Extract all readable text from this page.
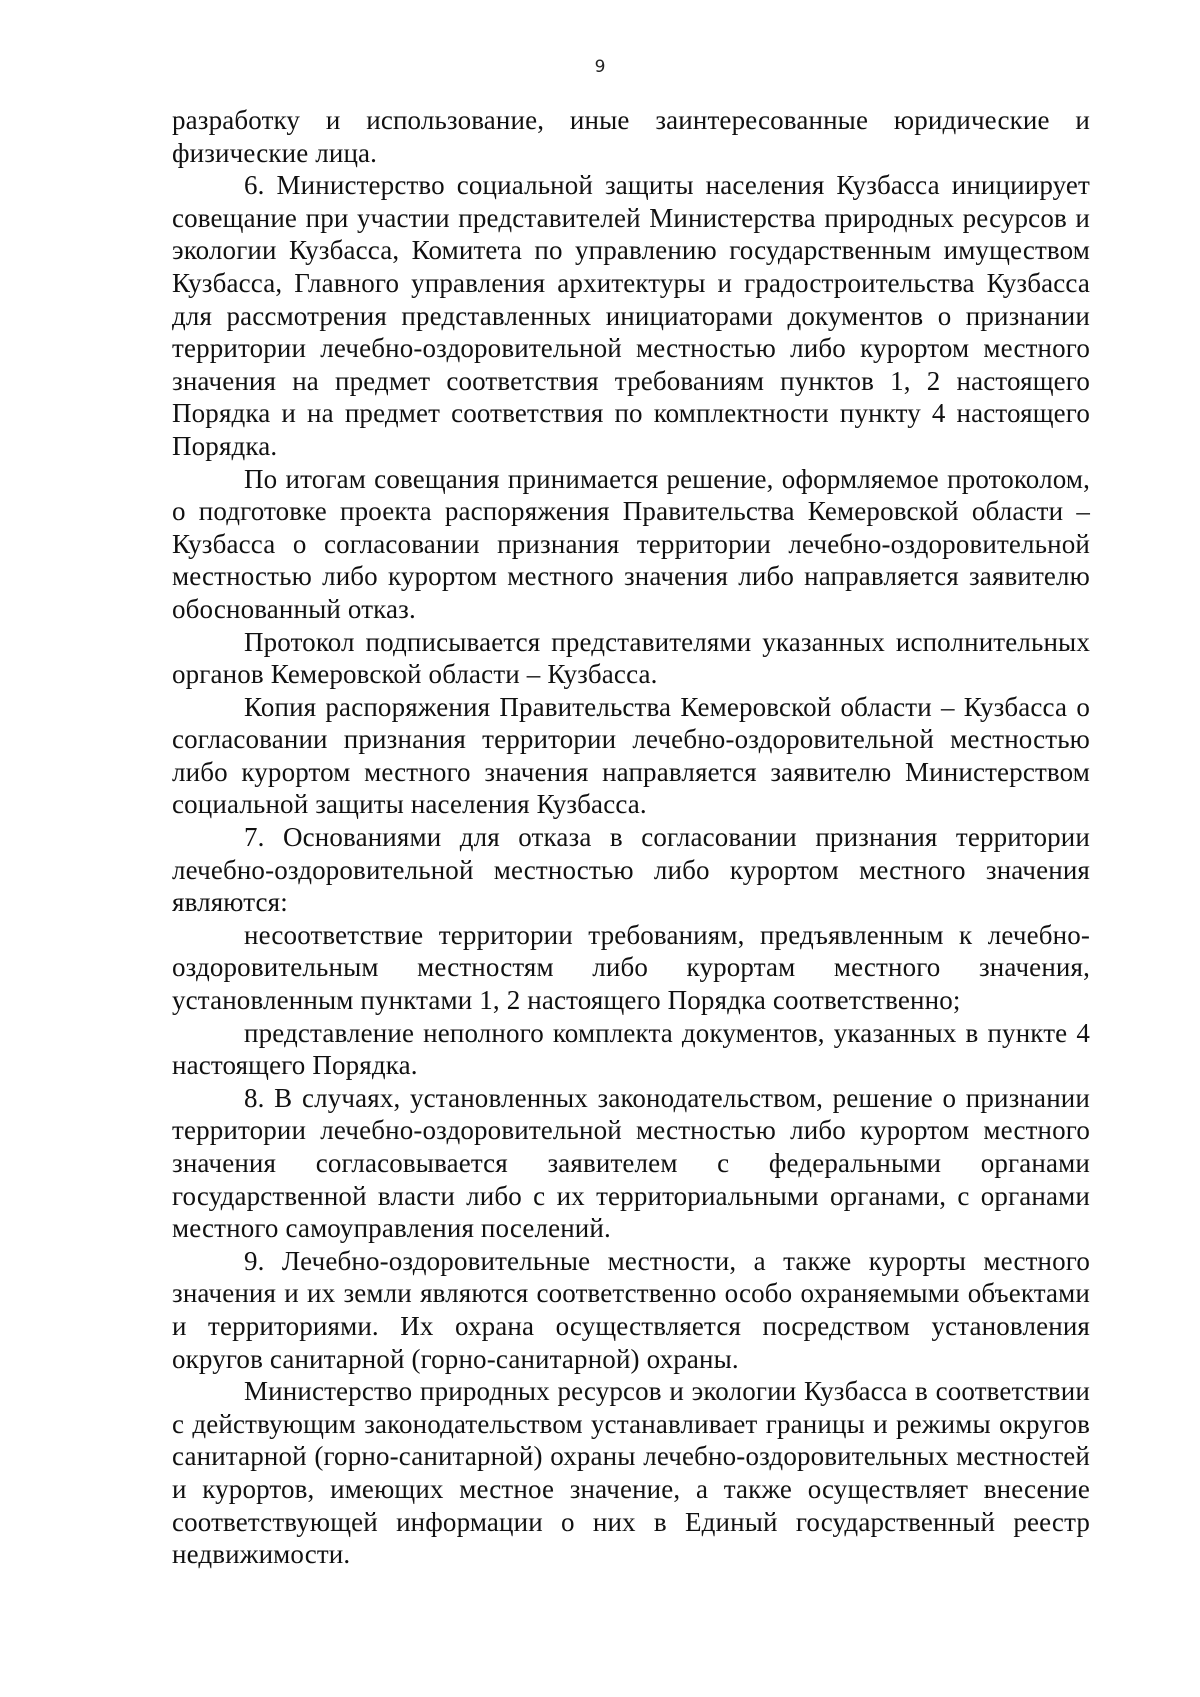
9

разработку и использование, иные заинтересованные юридические и физические лица.

6. Министерство социальной защиты населения Кузбасса инициирует совещание при участии представителей Министерства природных ресурсов и экологии Кузбасса, Комитета по управлению государственным имуществом Кузбасса, Главного управления архитектуры и градостроительства Кузбасса для рассмотрения представленных инициаторами документов о признании территории лечебно-оздоровительной местностью либо курортом местного значения на предмет соответствия требованиям пунктов 1, 2 настоящего Порядка и на предмет соответствия по комплектности пункту 4 настоящего Порядка.

По итогам совещания принимается решение, оформляемое протоколом, о подготовке проекта распоряжения Правительства Кемеровской области – Кузбасса о согласовании признания территории лечебно-оздоровительной местностью либо курортом местного значения либо направляется заявителю обоснованный отказ.

Протокол подписывается представителями указанных исполнительных органов Кемеровской области – Кузбасса.

Копия распоряжения Правительства Кемеровской области – Кузбасса о согласовании признания территории лечебно-оздоровительной местностью либо курортом местного значения направляется заявителю Министерством социальной защиты населения Кузбасса.

7. Основаниями для отказа в согласовании признания территории лечебно-оздоровительной местностью либо курортом местного значения являются:

несоответствие территории требованиям, предъявленным к лечебно-оздоровительным местностям либо курортам местного значения, установленным пунктами 1, 2 настоящего Порядка соответственно;

представление неполного комплекта документов, указанных в пункте 4 настоящего Порядка.

8. В случаях, установленных законодательством, решение о признании территории лечебно-оздоровительной местностью либо курортом местного значения согласовывается заявителем с федеральными органами государственной власти либо с их территориальными органами, с органами местного самоуправления поселений.

9. Лечебно-оздоровительные местности, а также курорты местного значения и их земли являются соответственно особо охраняемыми объектами и территориями. Их охрана осуществляется посредством установления округов санитарной (горно-санитарной) охраны.

Министерство природных ресурсов и экологии Кузбасса в соответствии с действующим законодательством устанавливает границы и режимы округов санитарной (горно-санитарной) охраны лечебно-оздоровительных местностей и курортов, имеющих местное значение, а также осуществляет внесение соответствующей информации о них в Единый государственный реестр недвижимости.
